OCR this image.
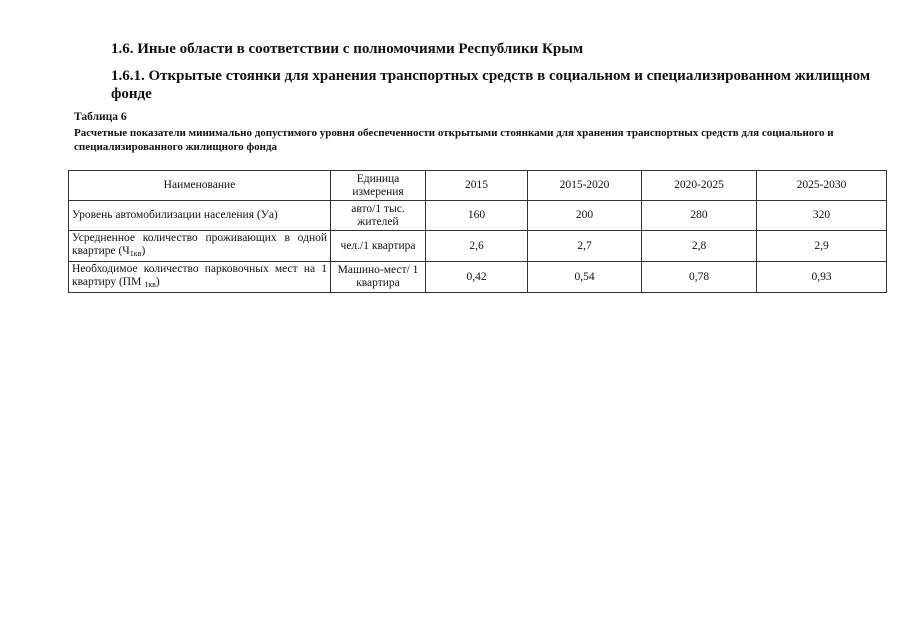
1.6. Иные области в соответствии с полномочиями Республики Крым
1.6.1. Открытые стоянки для хранения транспортных средств в социальном и специализированном жилищном фонде
Таблица 6
Расчетные показатели минимально допустимого уровня обеспеченности открытыми стоянками для хранения транспортных средств для социального и специализированного жилищного фонда
Наименование	Единица измерения	2015	2015-2020	2020-2025	2025-2030
Уровень автомобилизации населения (Уа)	авто/1 тыс. жителей	160	200	280	320
Усредненное количество проживающих в одной квартире $(Ч_{1кв})$	чел./1 квартира	2,6	2,7	2,8	2,9
Необходимое количество парковочных мест на 1 квартиру (ПМ $_{1кв}$)	Машино-мест/ 1 квартира	0,42	0,54	0,78	0,93
